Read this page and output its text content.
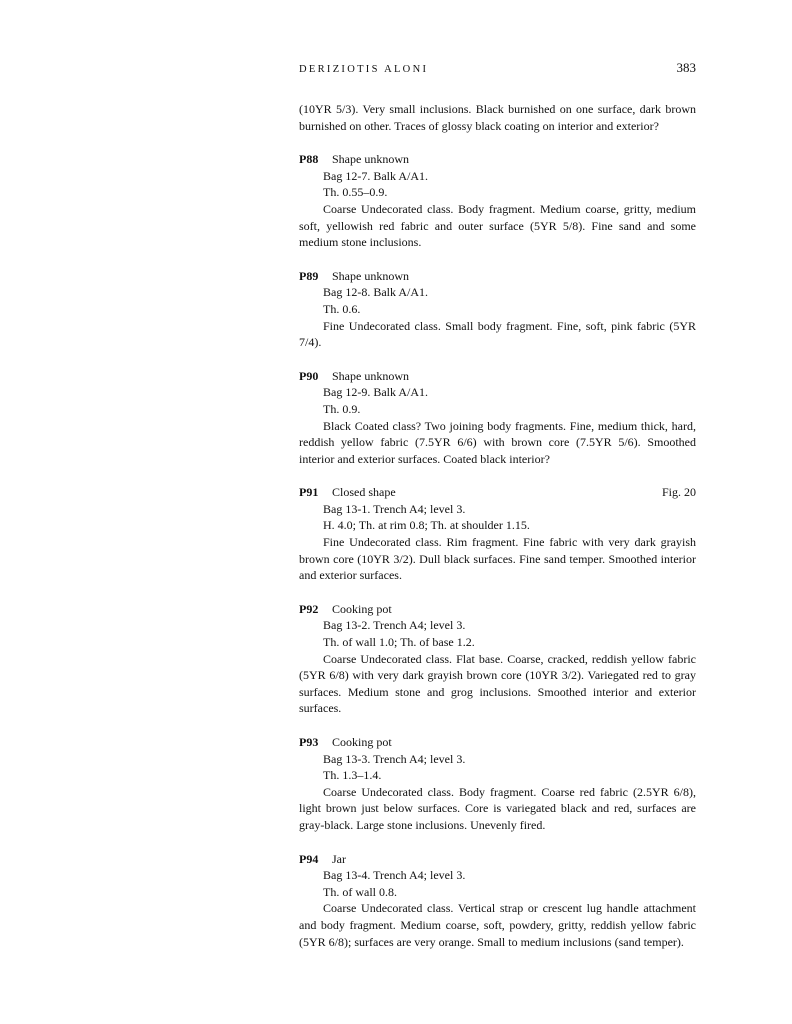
DERIZIOTIS ALONI	383

(10YR 5/3). Very small inclusions. Black burnished on one surface, dark brown burnished on other. Traces of glossy black coating on interior and exterior?

P88	Shape unknown

Bag 12-7. Balk A/A1.

Th. 0.55–0.9.

Coarse Undecorated class. Body fragment. Medium coarse, gritty, medium soft, yellowish red fabric and outer surface (5YR 5/8). Fine sand and some medium stone inclusions.

P89	Shape unknown

Bag 12-8. Balk A/A1.

Th. 0.6.

Fine Undecorated class. Small body fragment. Fine, soft, pink fabric (5YR 7/4).

P90	Shape unknown

Bag 12-9. Balk A/A1.

Th. 0.9.

Black Coated class? Two joining body fragments. Fine, medium thick, hard, reddish yellow fabric (7.5YR 6/6) with brown core (7.5YR 5/6). Smoothed interior and exterior surfaces. Coated black interior?

P91	Closed shape	Fig. 20

Bag 13-1. Trench A4; level 3.

H. 4.0; Th. at rim 0.8; Th. at shoulder 1.15.

Fine Undecorated class. Rim fragment. Fine fabric with very dark grayish brown core (10YR 3/2). Dull black surfaces. Fine sand temper. Smoothed interior and exterior surfaces.

P92	Cooking pot

Bag 13-2. Trench A4; level 3.

Th. of wall 1.0; Th. of base 1.2.

Coarse Undecorated class. Flat base. Coarse, cracked, reddish yellow fabric (5YR 6/8) with very dark grayish brown core (10YR 3/2). Variegated red to gray surfaces. Medium stone and grog inclusions. Smoothed interior and exterior surfaces.

P93	Cooking pot

Bag 13-3. Trench A4; level 3.

Th. 1.3–1.4.

Coarse Undecorated class. Body fragment. Coarse red fabric (2.5YR 6/8), light brown just below surfaces. Core is variegated black and red, surfaces are gray-black. Large stone inclusions. Unevenly fired.

P94	Jar

Bag 13-4. Trench A4; level 3.

Th. of wall 0.8.

Coarse Undecorated class. Vertical strap or crescent lug handle attachment and body fragment. Medium coarse, soft, powdery, gritty, reddish yellow fabric (5YR 6/8); surfaces are very orange. Small to medium inclusions (sand temper).
